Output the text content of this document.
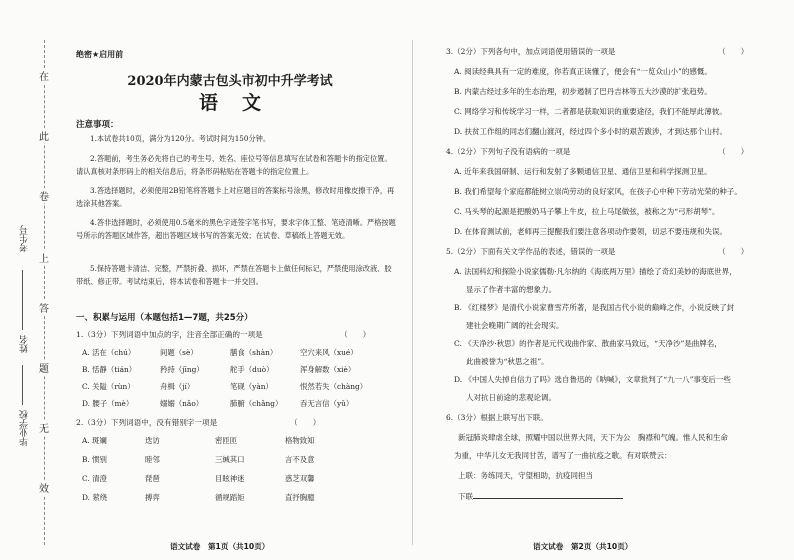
在
此
卷
上
答
题
无
效
考生号
姓名
毕业学校
绝密★启用前
2020年内蒙古包头市初中升学考试
语文
注意事项：
1.本试卷共10页，满分为120分。考试时间为150分钟。
2.答题前，考生务必先将自己的考生号、姓名、座位号等信息填写在试卷和答题卡的指定位置。请认真核对条形码上的相关信息后，将条形码粘贴在答题卡的指定位置上。
3.答选择题时，必须使用2B铅笔将答题卡上对应题目的答案标号涂黑，修改时用橡皮擦干净，再选涂其他答案。
4.答非选择题时，必须使用0.5毫米的黑色字迹签字笔书写，要求字体工整、笔迹清晰。严格按题号所示的答题区域作答，超出答题区域书写的答案无效；在试卷、草稿纸上答题无效。
5.保持答题卡清洁、完整，严禁折叠、损坏，严禁在答题卡上做任何标记，严禁使用涂改液、胶带纸、修正带。考试结束后，将本试卷和答题卡一并交回。
一、积累与运用（本题包括1—7题，共25分）
1.（3分）下列词语中加点的字，注音全部正确的一项是	（　　）
A. 活在（chú）	间题（sè）	膳食（shàn）	空穴来风（xué）
B. 恬静（tián）	矜持（jīng）	舵手（duò）	浑身解数（xiè）
C. 关隘（rùn）	舟楫（jí）	笔砚（yàn）	恨然若失（chàng）
D. 腰子（mè）	嫋嫋（nǎo）	肺腑（chǎng） 吞无言信（yǔ）
2.（3分）下列词语中，没有错别字一项是	（　　）
A. 斑斓	迭访	密匝匝	格物致知
B. 惯别	睦邻	三缄其口	言不及意
C. 清澄	琵琶	目眩神迷	惑芝双馨
D. 萦绕	搏弈	循规蹈矩	直抒胸臆
语文试卷　第1页（共10页）
3.（2分）下列各句中，加点词语使用错误的一项是	（　　）
A. 阅读经典具有一定的难度，你若真正读懂了，便会有“一览众山小”的感慨。
B. 内蒙古经过多年的生态治理，初步遏制了巴丹吉林等五大沙漠的扩张趋势。
C. 网络学习和传统学习一样，二者都是获取知识的重要途径，我们不能厚此薄彼。
D. 扶贫工作组的同志们翻山渡河，经过四个多小时的艰苦跋涉，才到达那个山村。
4.（2分）下列句子没有语病的一项是	（　　）
A. 近年来我国研制、运行和发射了多颗通信卫星、通信卫星和科学探测卫星。
B. 我们希望每个家庭都能树立崇尚劳动的良好家风，在孩子心中种下劳动光荣的种子。
C. 马头琴的起源是把酸奶马子攀上牛皮，拉上马尾做弦，被称之为“弓形胡琴”。
D. 在体育测试前，老师再三提醒我们要注意各项动作要领，切忌不要违规和失误。
5.（2分）下面有关文学作品的表述，错误的一项是	（　　）
A. 法国科幻和探险小说家儒勒·凡尔纳的《海底两万里》描绘了奇幻美妙的海底世界，
显示了作者丰富的想象力。
B. 《红楼梦》是清代小说家曹雪芹所著，是我国古代小说的巅峰之作，小说反映了封
建社会晚期广阔的社会现实。
C. 《天净沙·秋思》的作者是元代戏曲作家、散曲家马致远，“天净沙”是曲牌名，
此曲被誉为“秋思之祖”。
D. 《中国人失掉自信力了吗》选自鲁迅的《呐喊》，文章批判了“九一八”事变后一些
人对抗日前途的悲观论调。
6.（3分）根据上联写出下联。
新冠肺炎肆虐全球，照耀中国以世界大同，天下为公　胸襟和气魄。惟人民和生命
为重，中华儿女无我同甘苦，谱写了一曲抗疫之歌。有对联赞云：
上联：务练同天，守望相助，抗疫同担当
下联
语文试卷　第2页（共10页）
